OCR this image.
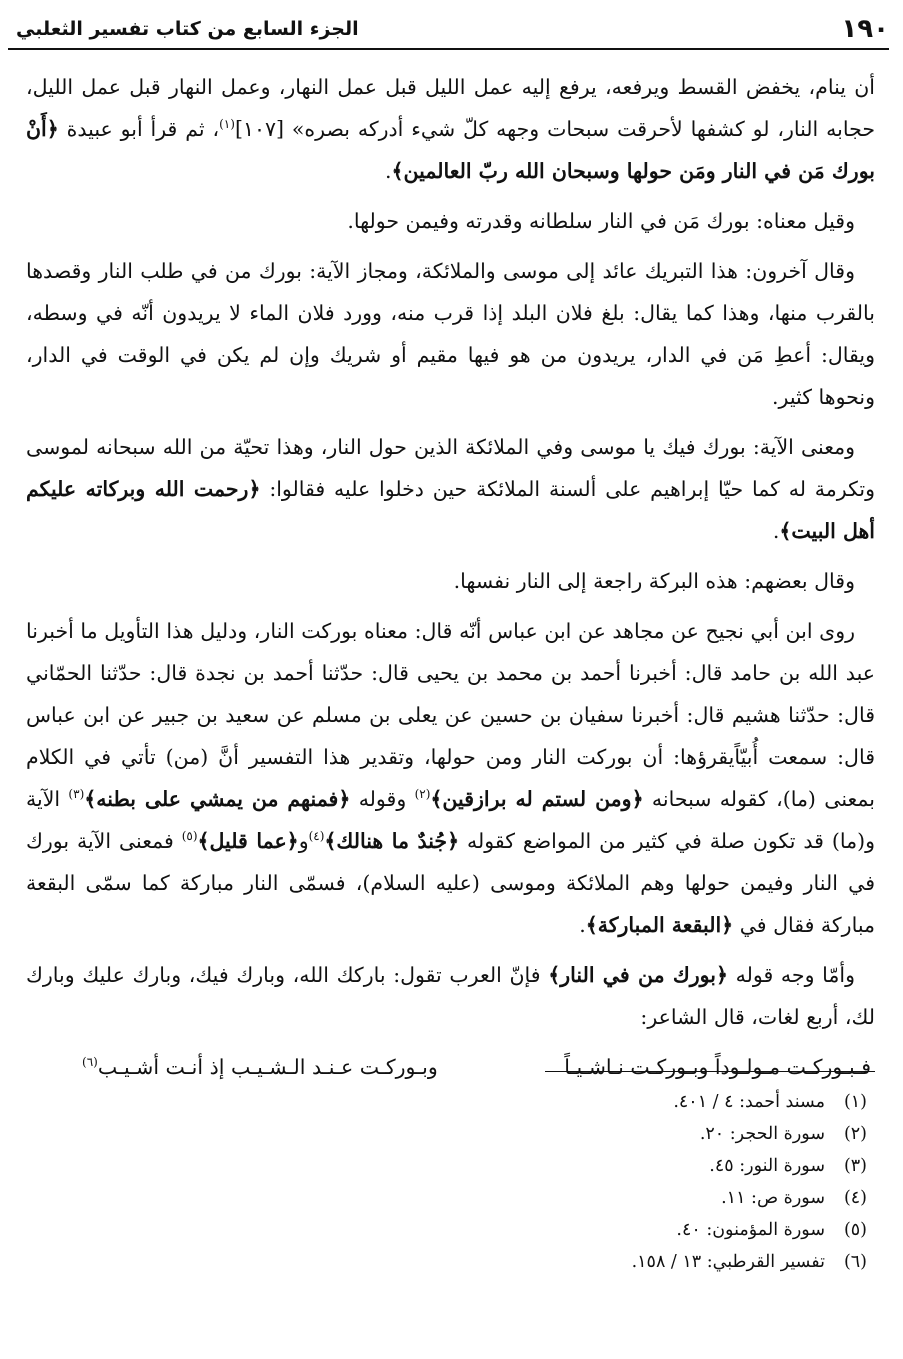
١٩٠
الجزء السابع من كتاب تفسير الثعلبي

أن ينام، يخفض القسط ويرفعه، يرفع إليه عمل الليل قبل عمل النهار، وعمل النهار قبل عمل الليل، حجابه النار، لو كشفها لأحرقت سبحات وجهه كلّ شيء أدركه بصره» [١٠٧]$^{(١)}$، ثم قرأ أبو عبيدة ﴿أَنْ بورك مَن في النار ومَن حولها وسبحان الله ربّ العالمين﴾.

وقيل معناه: بورك مَن في النار سلطانه وقدرته وفيمن حولها.

وقال آخرون: هذا التبريك عائد إلى موسى والملائكة، ومجاز الآية: بورك من في طلب النار وقصدها بالقرب منها، وهذا كما يقال: بلغ فلان البلد إذا قرب منه، وورد فلان الماء لا يريدون أنّه في وسطه، ويقال: أعطِ مَن في الدار، يريدون من هو فيها مقيم أو شريك وإن لم يكن في الوقت في الدار، ونحوها كثير.

ومعنى الآية: بورك فيك يا موسى وفي الملائكة الذين حول النار، وهذا تحيّة من الله سبحانه لموسى وتكرمة له كما حيّا إبراهيم على ألسنة الملائكة حين دخلوا عليه فقالوا: ﴿رحمت الله وبركاته عليكم أهل البيت﴾.

وقال بعضهم: هذه البركة راجعة إلى النار نفسها.

روى ابن أبي نجيح عن مجاهد عن ابن عباس أنّه قال: معناه بوركت النار، ودليل هذا التأويل ما أخبرنا عبد الله بن حامد قال: أخبرنا أحمد بن محمد بن يحيى قال: حدّثنا أحمد بن نجدة قال: حدّثنا الحمّاني قال: حدّثنا هشيم قال: أخبرنا سفيان بن حسين عن يعلى بن مسلم عن سعيد بن جبير عن ابن عباس قال: سمعت أُبيّاًيقرؤها: أن بوركت النار ومن حولها، وتقدير هذا التفسير أنَّ (من) تأتي في الكلام بمعنى (ما)، كقوله سبحانه ﴿ومن لستم له برازقين﴾$^{(٢)}$ وقوله ﴿فمنهم من يمشي على بطنه﴾$^{(٣)}$ الآية و(ما) قد تكون صلة في كثير من المواضع كقوله ﴿جُندٌ ما هنالك﴾$^{(٤)}$و﴿عما قليل﴾$^{(٥)}$ فمعنى الآية بورك في النار وفيمن حولها وهم الملائكة وموسى (عليه السلام)، فسمّى النار مباركة كما سمّى البقعة مباركة فقال في ﴿البقعة المباركة﴾.

وأمّا وجه قوله ﴿بورك من في النار﴾ فإنّ العرب تقول: باركك الله، وبارك فيك، وبارك عليك وبارك لك، أربع لغات، قال الشاعر:

فـبـوركـت مـولـوداً وبـوركـت نـاشـيـاً
وبـوركـت عـنـد الـشـيـب إذ أنـت أشـيـب$^{(٦)}$
(١)
مسند أحمد: ٤ / ٤٠١.
(٢)
سورة الحجر: ٢٠.
(٣)
سورة النور: ٤٥.
(٤)
سورة ص: ١١.
(٥)
سورة المؤمنون: ٤٠.
(٦)
تفسير القرطبي: ١٣ / ١٥٨.
